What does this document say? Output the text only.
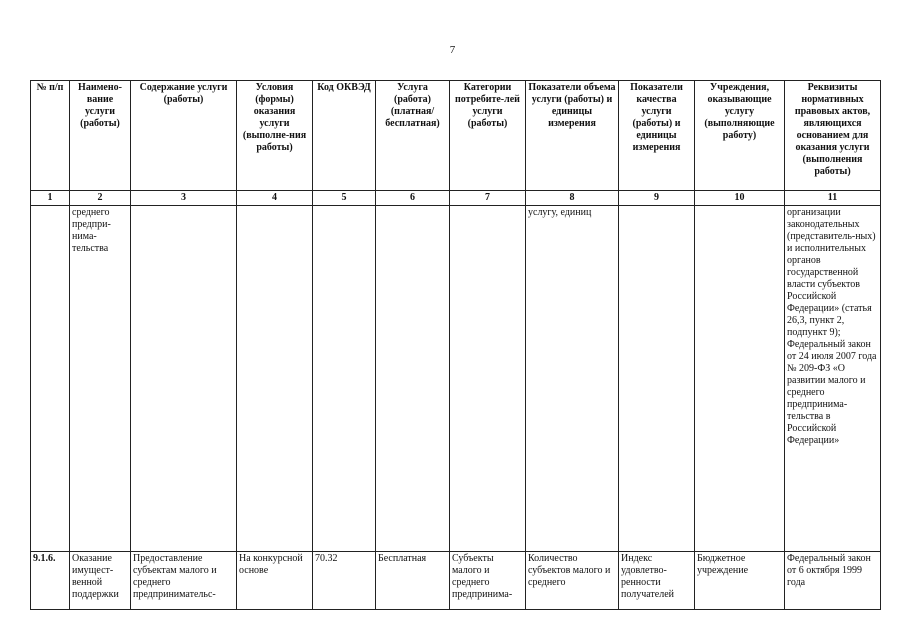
7
№ п/п	Наимено-вание услуги (работы)	Содержание услуги (работы)	Условия (формы) оказания услуги (выполне-ния работы)	Код ОКВЭД	Услуга (работа) (платная/ бесплатная)	Категории потребите-лей услуги (работы)	Показатели объема услуги (работы) и единицы измерения	Показатели качества услуги (работы) и единицы измерения	Учреждения, оказывающие услугу (выполняющие работу)	Реквизиты нормативных правовых актов, являющихся основанием для оказания услуги (выполнения работы)
1	2	3	4	5	6	7	8	9	10	11
	среднего предпри-нима-тельства						услугу, единиц			организации законодательных (представитель-ных) и исполнительных органов государственной власти субъектов Российской Федерации» (статья 26,3, пункт 2, подпункт 9); Федеральный закон от 24 июля 2007 года № 209-ФЗ «О развитии малого и среднего предпринима-тельства в Российской Федерации»
9.1.6.	Оказание имущест-венной поддержки	Предоставление субъектам малого и среднего предпринимательс-	На конкурсной основе	70.32	Бесплатная	Субъекты малого и среднего предпринима-	Количество субъектов малого и среднего	Индекс удовлетво-ренности получателей	Бюджетное учреждение	Федеральный закон от 6 октября 1999 года
